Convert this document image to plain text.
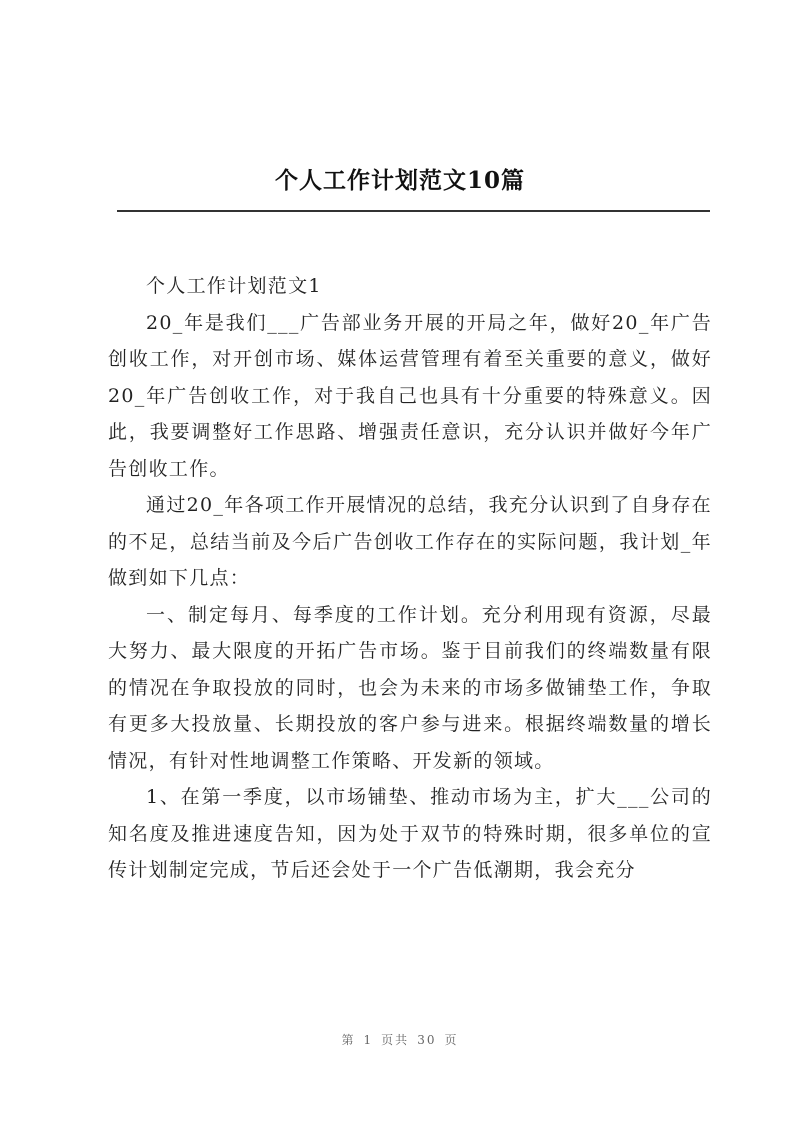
个人工作计划范文10篇

个人工作计划范文1

20_年是我们___广告部业务开展的开局之年，做好20_年广告创收工作，对开创市场、媒体运营管理有着至关重要的意义，做好20_年广告创收工作，对于我自己也具有十分重要的特殊意义。因此，我要调整好工作思路、增强责任意识，充分认识并做好今年广告创收工作。

通过20_年各项工作开展情况的总结，我充分认识到了自身存在的不足，总结当前及今后广告创收工作存在的实际问题，我计划_年做到如下几点：

一、制定每月、每季度的工作计划。充分利用现有资源，尽最大努力、最大限度的开拓广告市场。鉴于目前我们的终端数量有限的情况在争取投放的同时，也会为未来的市场多做铺垫工作，争取有更多大投放量、长期投放的客户参与进来。根据终端数量的增长情况，有针对性地调整工作策略、开发新的领域。

1、在第一季度，以市场铺垫、推动市场为主，扩大___公司的知名度及推进速度告知，因为处于双节的特殊时期，很多单位的宣传计划制定完成，节后还会处于一个广告低潮期，我会充分

第 1 页共 30 页
